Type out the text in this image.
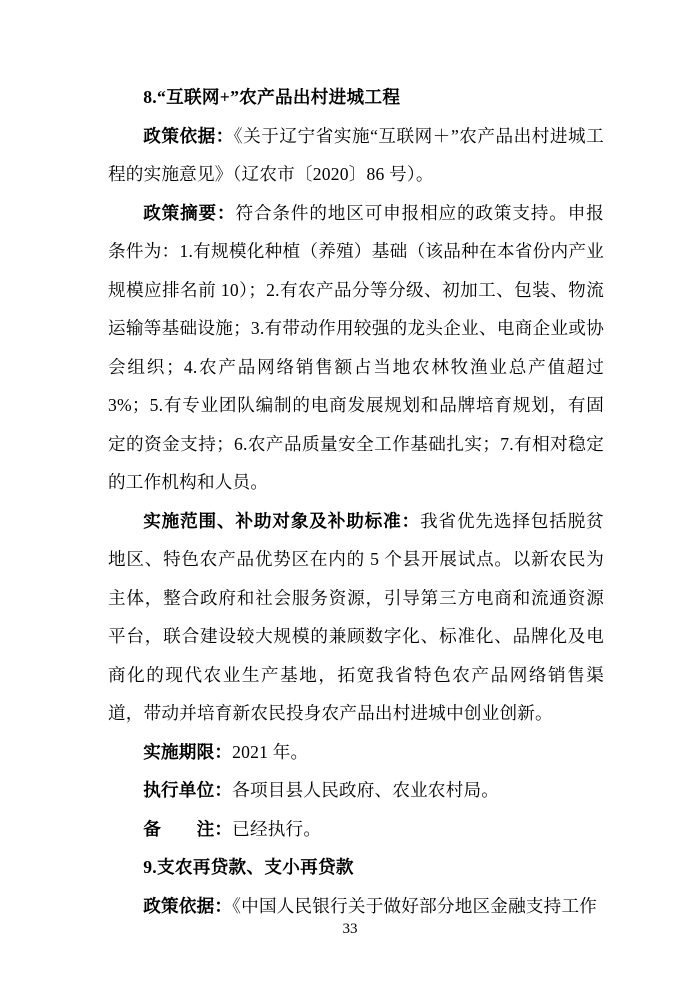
8.“互联网+”农产品出村进城工程

政策依据：《关于辽宁省实施“互联网＋”农产品出村进城工程的实施意见》（辽农市〔2020〕86 号）。

政策摘要：符合条件的地区可申报相应的政策支持。申报条件为：1.有规模化种植（养殖）基础（该品种在本省份内产业规模应排名前 10）；2.有农产品分等分级、初加工、包装、物流运输等基础设施；3.有带动作用较强的龙头企业、电商企业或协会组织；4.农产品网络销售额占当地农林牧渔业总产值超过 3%；5.有专业团队编制的电商发展规划和品牌培育规划，有固定的资金支持；6.农产品质量安全工作基础扎实；7.有相对稳定的工作机构和人员。

实施范围、补助对象及补助标准：我省优先选择包括脱贫地区、特色农产品优势区在内的 5 个县开展试点。以新农民为主体，整合政府和社会服务资源，引导第三方电商和流通资源平台，联合建设较大规模的兼顾数字化、标准化、品牌化及电商化的现代农业生产基地，拓宽我省特色农产品网络销售渠道，带动并培育新农民投身农产品出村进城中创业创新。

实施期限：2021 年。

执行单位：各项目县人民政府、农业农村局。

备　　注：已经执行。

9.支农再贷款、支小再贷款

政策依据：《中国人民银行关于做好部分地区金融支持工作

33
